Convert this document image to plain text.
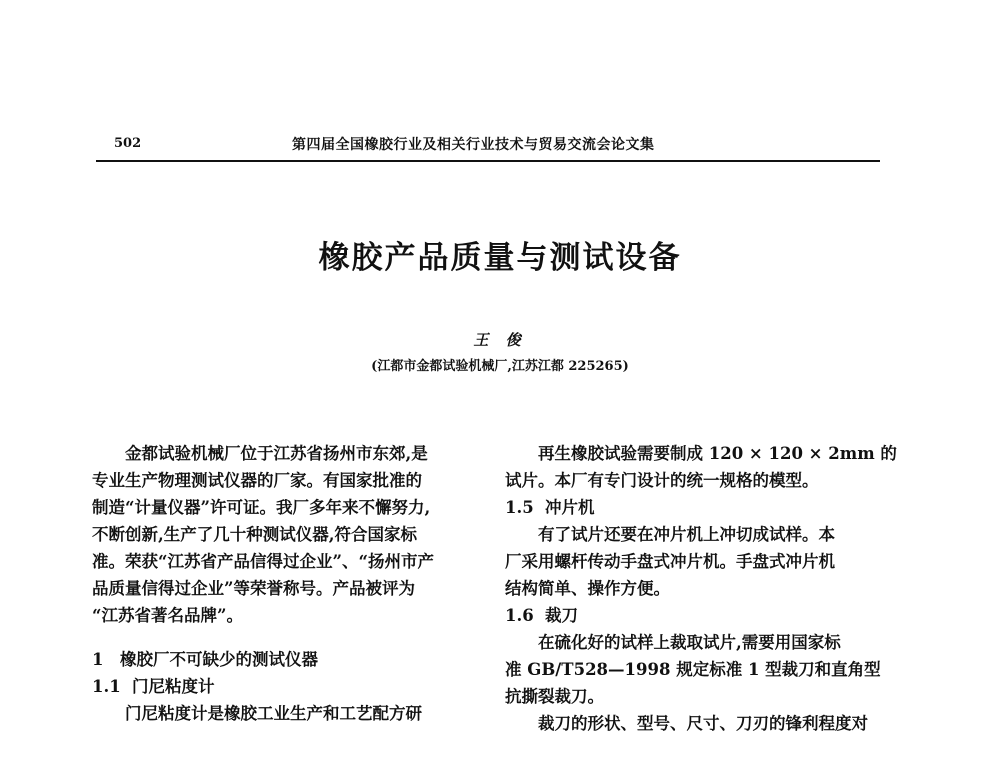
502	第四届全国橡胶行业及相关行业技术与贸易交流会论文集
橡胶产品质量与测试设备
王 俊
(江都市金都试验机械厂,江苏江都 225265)
金都试验机械厂位于江苏省扬州市东郊,是
专业生产物理测试仪器的厂家。有国家批准的
制造“计量仪器”许可证。我厂多年来不懈努力,
不断创新,生产了几十种测试仪器,符合国家标
准。荣获“江苏省产品信得过企业”、“扬州市产
品质量信得过企业”等荣誉称号。产品被评为
“江苏省著名品牌”。
1 橡胶厂不可缺少的测试仪器
1.1 门尼粘度计
门尼粘度计是橡胶工业生产和工艺配方研
再生橡胶试验需要制成 120 × 120 × 2mm 的
试片。本厂有专门设计的统一规格的模型。
1.5 冲片机
有了试片还要在冲片机上冲切成试样。本
厂采用螺杆传动手盘式冲片机。手盘式冲片机
结构简单、操作方便。
1.6 裁刀
在硫化好的试样上裁取试片,需要用国家标
准 GB/T528—1998 规定标准 1 型裁刀和直角型
抗撕裂裁刀。
裁刀的形状、型号、尺寸、刀刃的锋利程度对
